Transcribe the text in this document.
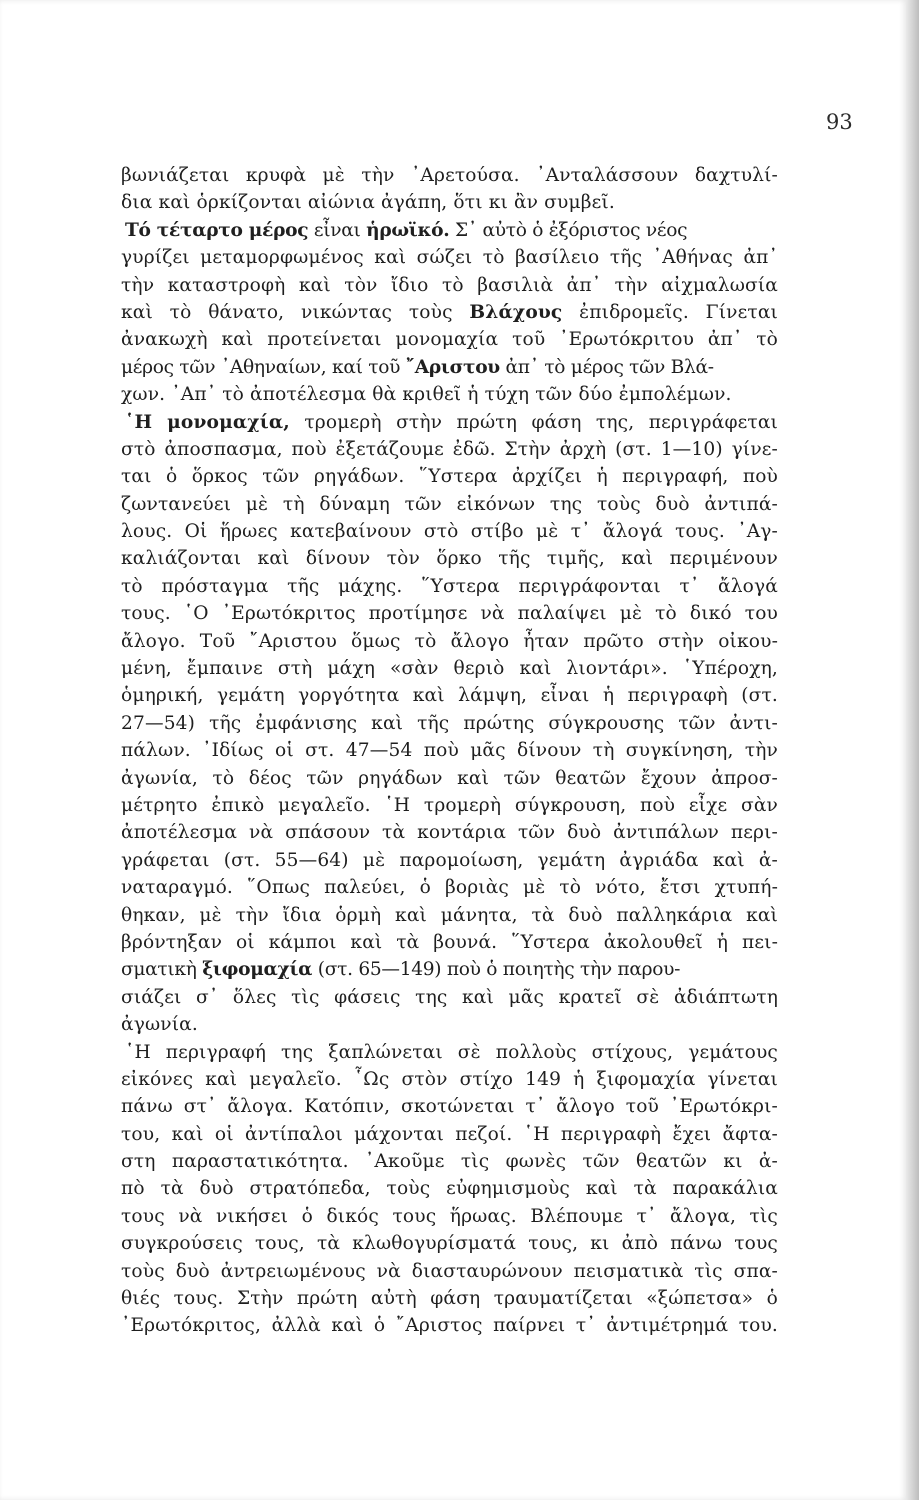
93
βωνιάζεται κρυφὰ μὲ τὴν ᾿Αρετούσα. ᾿Ανταλάσσουν δαχτυλί-
δια καὶ ὁρκίζονται αἰώνια ἀγάπη, ὅτι κι ἂν συμβεῖ.
Τό τέταρτο μέρος εἶναι ἡρωϊκό. Σ᾿ αὐτὸ ὁ ἐξόριστος νέος
γυρίζει μεταμορφωμένος καὶ σώζει τὸ βασίλειο τῆς ᾿Αθήνας ἀπ᾿
τὴν καταστροφὴ καὶ τὸν ἴδιο τὸ βασιλιὰ ἀπ᾿ τὴν αἰχμαλωσία
καὶ τὸ θάνατο, νικώντας τοὺς Βλάχους ἐπιδρομεῖς. Γίνεται
ἀνακωχὴ καὶ προτείνεται μονομαχία τοῦ ᾿Ερωτόκριτου ἀπ᾿ τὸ
μέρος τῶν ᾿Αθηναίων, καί τοῦ ῎Αριστου ἀπ᾿ τὸ μέρος τῶν Βλά-
χων. ᾿Απ᾿ τὸ ἀποτέλεσμα θὰ κριθεῖ ἡ τύχη τῶν δύο ἐμπολέμων.
῾Η μονομαχία, τρομερὴ στὴν πρώτη φάση της, περιγράφεται
στὸ ἀποσπασμα, ποὺ ἐξετάζουμε ἐδῶ. Στὴν ἀρχὴ (στ. 1—10) γίνε-
ται ὁ ὅρκος τῶν ρηγάδων. ῞Υστερα ἀρχίζει ἡ περιγραφή, ποὺ
ζωντανεύει μὲ τὴ δύναμη τῶν εἰκόνων της τοὺς δυὸ ἀντιπά-
λους. Οἱ ἥρωες κατεβαίνουν στὸ στίβο μὲ τ᾿ ἄλογά τους. ᾿Αγ-
καλιάζονται καὶ δίνουν τὸν ὅρκο τῆς τιμῆς, καὶ περιμένουν
τὸ πρόσταγμα τῆς μάχης. ῞Υστερα περιγράφονται τ᾿ ἄλογά
τους. ῾Ο ᾿Ερωτόκριτος προτίμησε νὰ παλαίψει μὲ τὸ δικό του
ἄλογο. Τοῦ ῎Αριστου ὅμως τὸ ἄλογο ἦταν πρῶτο στὴν οἰκου-
μένη, ἔμπαινε στὴ μάχη «σὰν θεριὸ καὶ λιοντάρι». ῾Υπέροχη,
ὁμηρική, γεμάτη γοργότητα καὶ λάμψη, εἶναι ἡ περιγραφὴ (στ.
27—54) τῆς ἐμφάνισης καὶ τῆς πρώτης σύγκρουσης τῶν ἀντι-
πάλων. ᾿Ιδίως οἱ στ. 47—54 ποὺ μᾶς δίνουν τὴ συγκίνηση, τὴν
ἀγωνία, τὸ δέος τῶν ρηγάδων καὶ τῶν θεατῶν ἔχουν ἀπροσ-
μέτρητο ἐπικὸ μεγαλεῖο. ῾Η τρομερὴ σύγκρουση, ποὺ εἶχε σὰν
ἀποτέλεσμα νὰ σπάσουν τὰ κοντάρια τῶν δυὸ ἀντιπάλων περι-
γράφεται (στ. 55—64) μὲ παρομοίωση, γεμάτη ἀγριάδα καὶ ἀ-
ναταραγμό. ῞Οπως παλεύει, ὁ βοριὰς μὲ τὸ νότο, ἔτσι χτυπή-
θηκαν, μὲ τὴν ἴδια ὁρμὴ καὶ μάνητα, τὰ δυὸ παλληκάρια καὶ
βρόντηξαν οἱ κάμποι καὶ τὰ βουνά. ῞Υστερα ἀκολουθεῖ ἡ πει-
σματικὴ ξιφομαχία (στ. 65—149) ποὺ ὁ ποιητὴς τὴν παρου-
σιάζει σ᾿ ὅλες τὶς φάσεις της καὶ μᾶς κρατεῖ σὲ ἀδιάπτωτη
ἀγωνία.
῾Η περιγραφή της ξαπλώνεται σὲ πολλοὺς στίχους, γεμάτους
εἰκόνες καὶ μεγαλεῖο. ῟Ως στὸν στίχο 149 ἡ ξιφομαχία γίνεται
πάνω στ᾿ ἄλογα. Κατόπιν, σκοτώνεται τ᾿ ἄλογο τοῦ ᾿Ερωτόκρι-
του, καὶ οἱ ἀντίπαλοι μάχονται πεζοί. ῾Η περιγραφὴ ἔχει ἄφτα-
στη παραστατικότητα. ᾿Ακοῦμε τὶς φωνὲς τῶν θεατῶν κι ἀ-
πὸ τὰ δυὸ στρατόπεδα, τοὺς εὐφημισμοὺς καὶ τὰ παρακάλια
τους νὰ νικήσει ὁ δικός τους ἥρωας. Βλέπουμε τ᾿ ἄλογα, τὶς
συγκρούσεις τους, τὰ κλωθογυρίσματά τους, κι ἀπὸ πάνω τους
τοὺς δυὸ ἀντρειωμένους νὰ διασταυρώνουν πεισματικὰ τὶς σπα-
θιές τους. Στὴν πρώτη αὐτὴ φάση τραυματίζεται «ξώπετσα» ὁ
᾿Ερωτόκριτος, ἀλλὰ καὶ ὁ ῎Αριστος παίρνει τ᾿ ἀντιμέτρημά του.
